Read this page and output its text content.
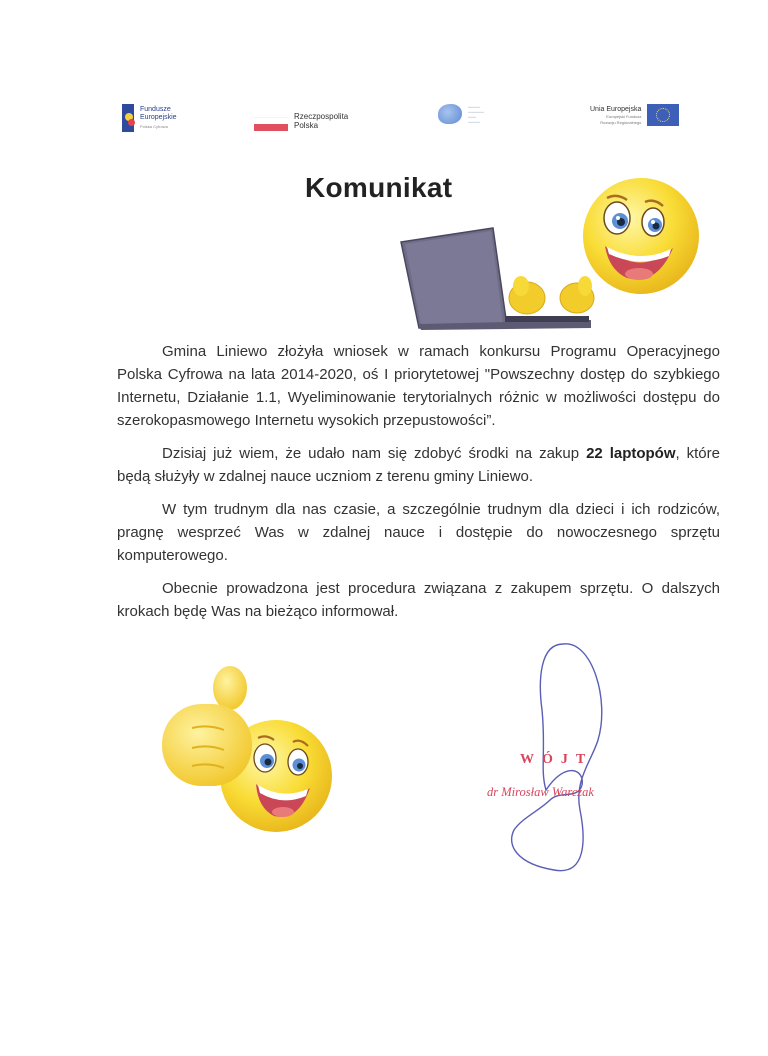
Fundusze
Europejskie
Polska Cyfrowa
Rzeczpospolita
Polska
▬▬▬
▬▬▬▬
▬▬
▬▬▬
Unia Europejska
Europejski Fundusz
Rozwoju Regionalnego
Komunikat

Gmina Liniewo złożyła wniosek w ramach konkursu Programu Operacyjnego Polska Cyfrowa na lata 2014-2020, oś I priorytetowej "Powszechny dostęp do szybkiego Internetu, Działanie 1.1, Wyeliminowanie terytorialnych różnic w możliwości dostępu do szerokopasmowego Internetu wysokich przepustowości”.

Dzisiaj już wiem, że udało nam się zdobyć środki na zakup 22 laptopów, które będą służyły w zdalnej nauce uczniom z terenu gminy Liniewo.

W tym trudnym dla nas czasie, a szczególnie trudnym dla dzieci i ich rodziców, pragnę wesprzeć Was w zdalnej nauce i dostępie do nowoczesnego sprzętu komputerowego.

Obecnie prowadzona jest procedura związana z zakupem sprzętu. O dalszych krokach będę Was na bieżąco informował.

WÓJT
dr Mirosław Warczak
